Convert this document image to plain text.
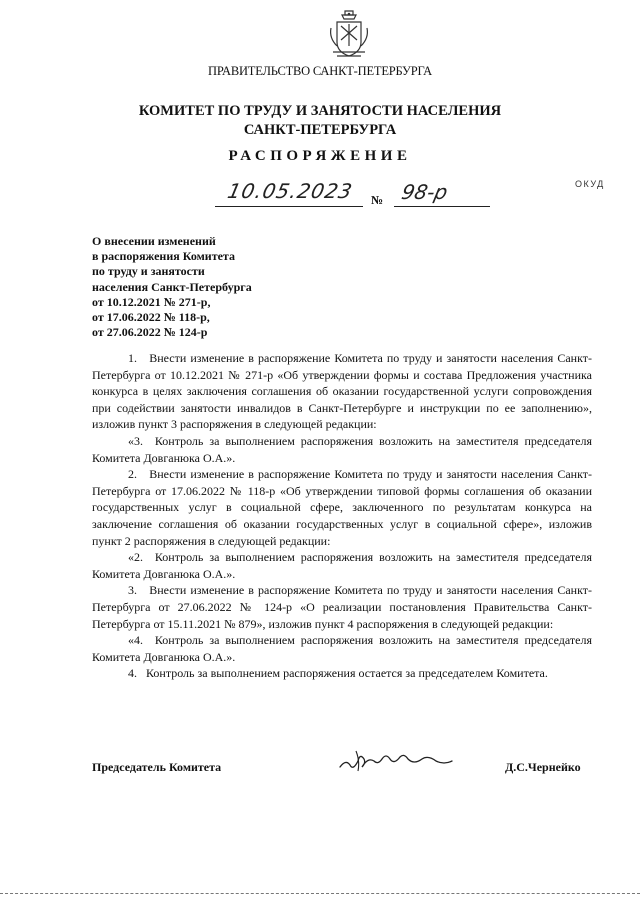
ПРАВИТЕЛЬСТВО САНКТ-ПЕТЕРБУРГА
КОМИТЕТ ПО ТРУДУ И ЗАНЯТОСТИ НАСЕЛЕНИЯ
САНКТ-ПЕТЕРБУРГА
РАСПОРЯЖЕНИЕ
10.05.2023 № 98-р	ОКУД
О внесении изменений
в распоряжения Комитета
по труду и занятости
населения Санкт-Петербурга
от 10.12.2021 № 271-р,
от 17.06.2022 № 118-р,
от 27.06.2022 № 124-р
1.   Внести изменение в распоряжение Комитета по труду и занятости населения Санкт-Петербурга от 10.12.2021 № 271-р «Об утверждении формы и состава Предложения участника конкурса в целях заключения соглашения об оказании государственной услуги сопровождения при содействии занятости инвалидов в Санкт-Петербурге и инструкции по ее заполнению», изложив пункт 3 распоряжения в следующей редакции:
«3.  Контроль за выполнением распоряжения возложить на заместителя председателя Комитета Довганюка О.А.».
2.   Внести изменение в распоряжение Комитета по труду и занятости населения Санкт-Петербурга от 17.06.2022 № 118-р «Об утверждении типовой формы соглашения об оказании государственных услуг в социальной сфере, заключенного по результатам конкурса на заключение соглашения об оказании государственных услуг в социальной сфере», изложив пункт 2 распоряжения в следующей редакции:
«2.  Контроль за выполнением распоряжения возложить на заместителя председателя Комитета Довганюка О.А.».
3.   Внести изменение в распоряжение Комитета по труду и занятости населения Санкт-Петербурга от 27.06.2022 № 124-р «О реализации постановления Правительства Санкт-Петербурга от 15.11.2021 № 879», изложив пункт 4 распоряжения в следующей редакции:
«4.  Контроль за выполнением распоряжения возложить на заместителя председателя Комитета Довганюка О.А.».
4.   Контроль за выполнением распоряжения остается за председателем Комитета.
Председатель Комитета	Д.С.Чернейко
